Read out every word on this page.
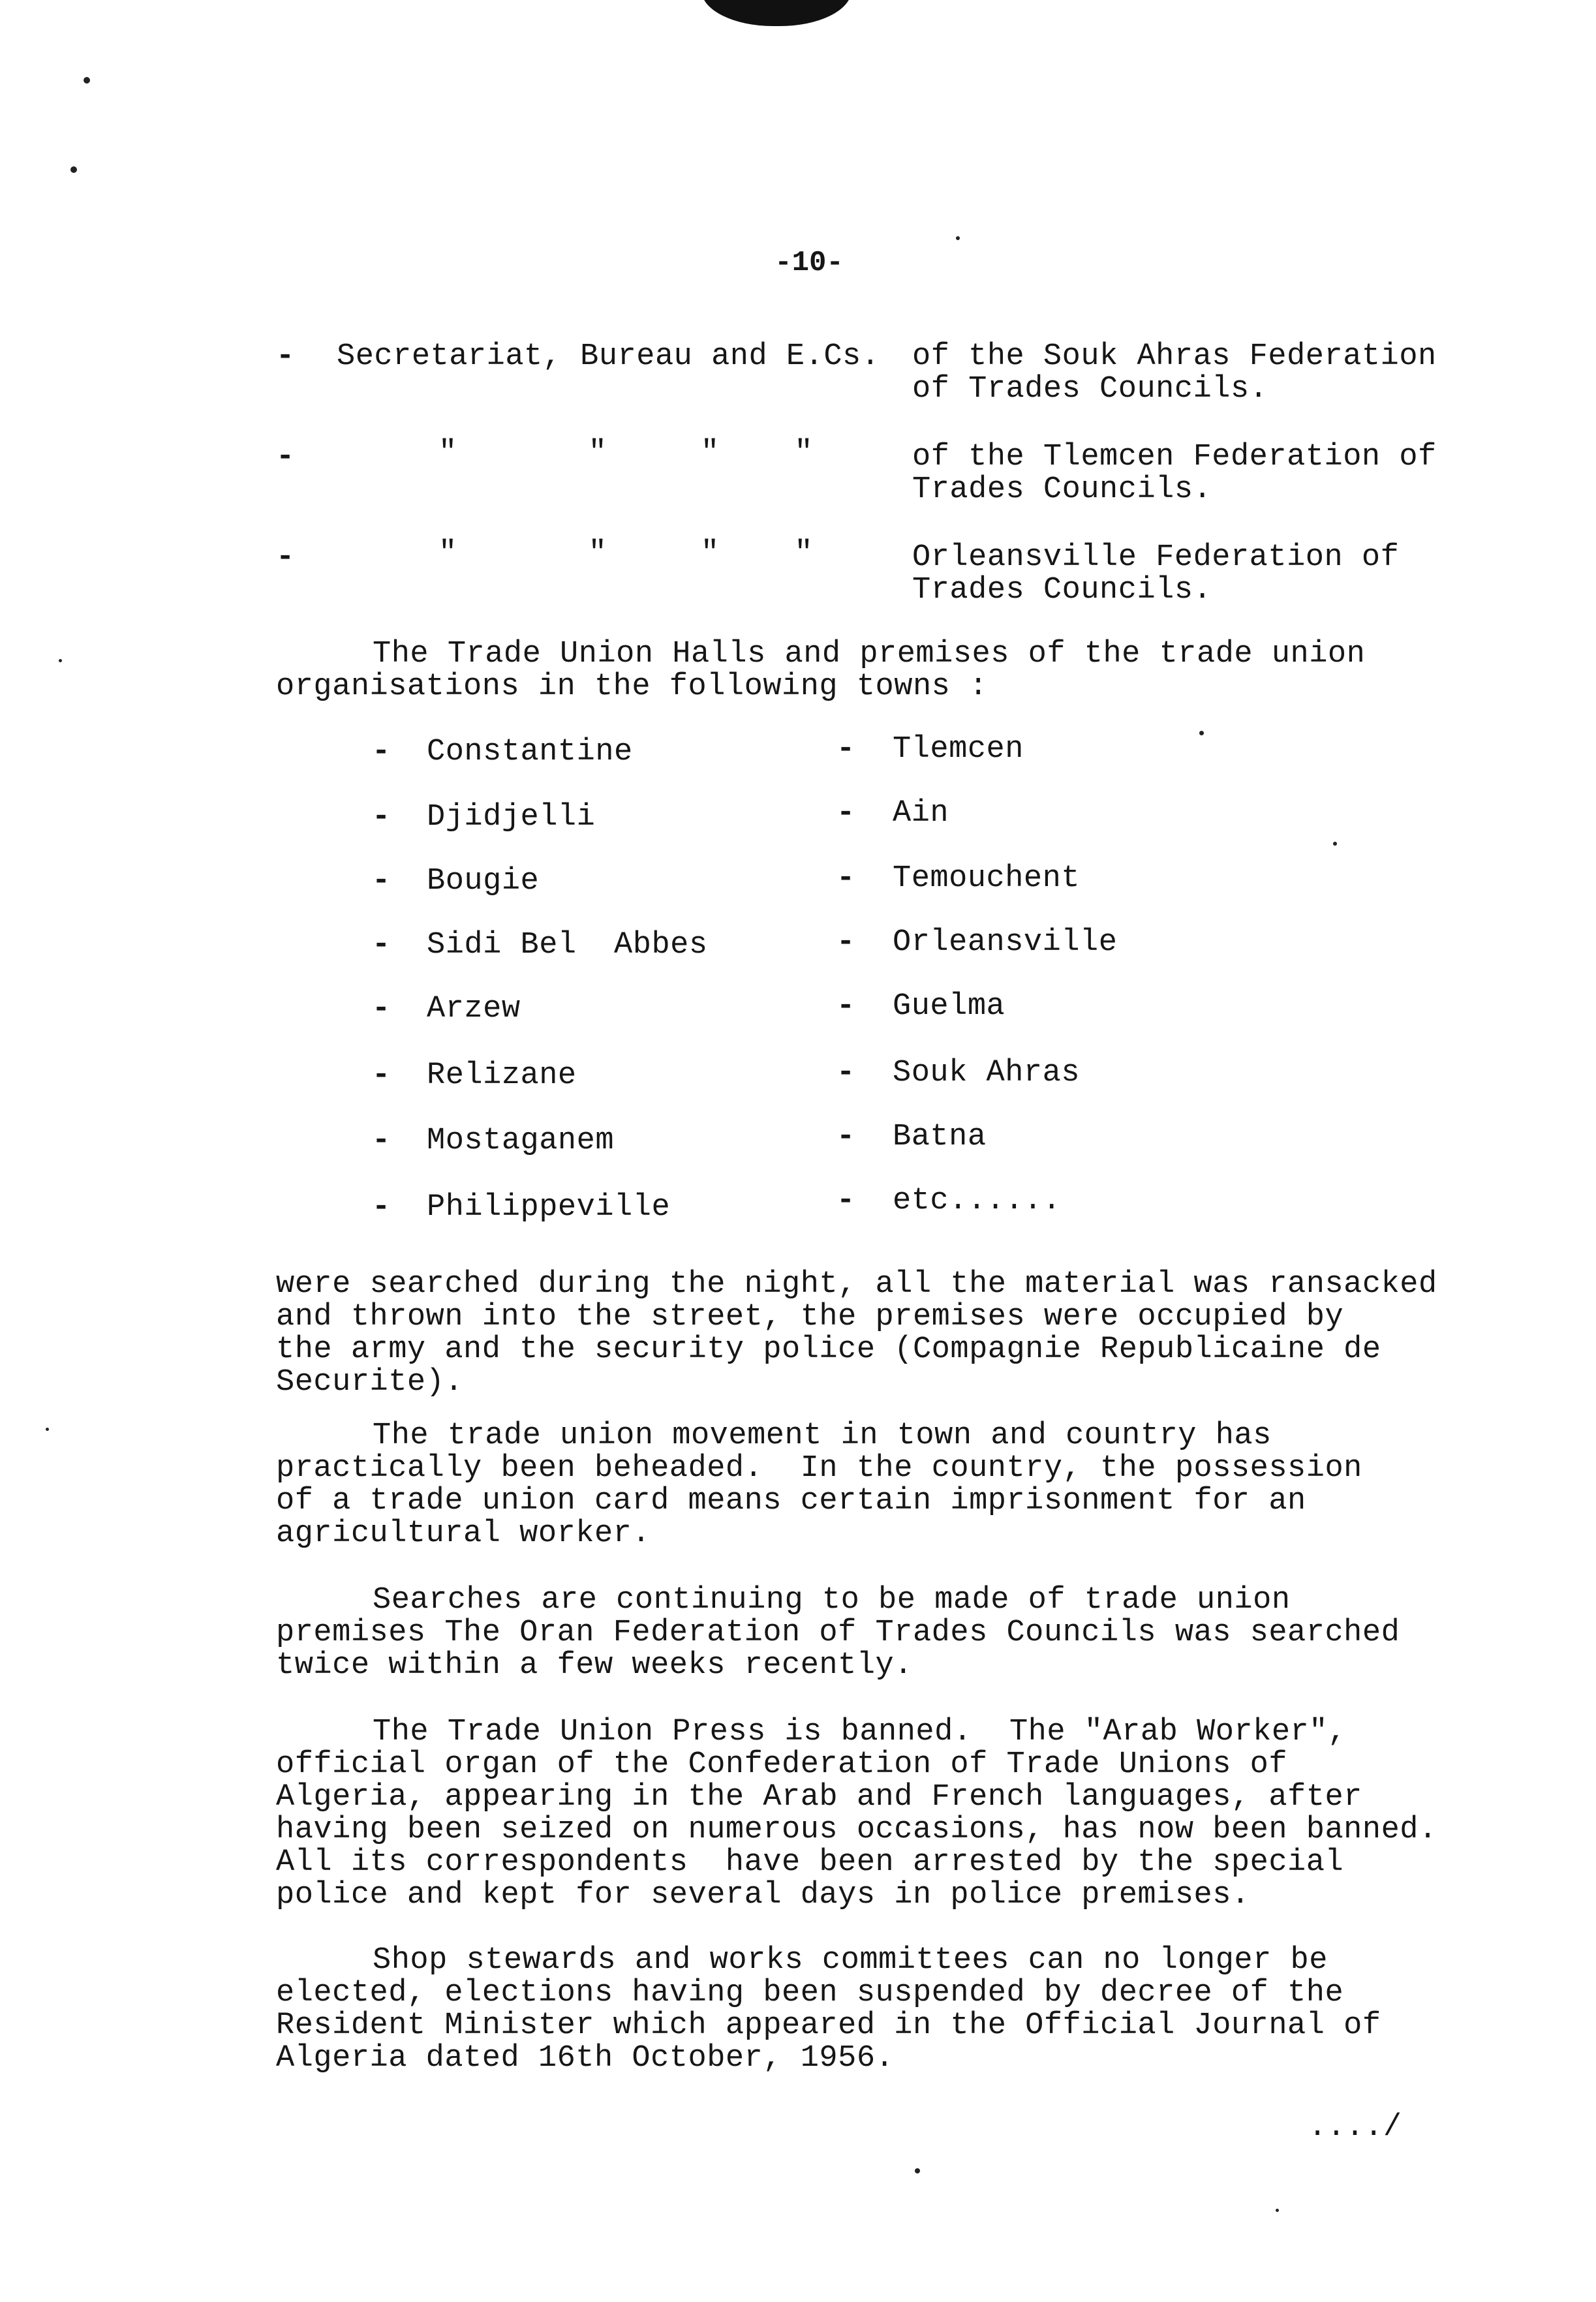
-10-
- Secretariat, Bureau and E.Cs. of the Souk Ahras Federation
of Trades Councils.
-	"       "     "    "	of the Tlemcen Federation of
Trades Councils.
-	"       "     "    "	Orleansville Federation of
Trades Councils.
The Trade Union Halls and premises of the trade union
organisations in the following towns :
- Constantine
- Djidjelli
- Bougie
- Sidi Bel  Abbes
- Arzew
- Relizane
- Mostaganem
- Philippeville
- Tlemcen
- Ain
- Temouchent
- Orleansville
- Guelma
- Souk Ahras
- Batna
- etc......
were searched during the night, all the material was ransacked
and thrown into the street, the premises were occupied by
the army and the security police (Compagnie Republicaine de
Securite).
The trade union movement in town and country has
practically been beheaded.  In the country, the possession
of a trade union card means certain imprisonment for an
agricultural worker.
Searches are continuing to be made of trade union
premises The Oran Federation of Trades Councils was searched
twice within a few weeks recently.
The Trade Union Press is banned.  The "Arab Worker",
official organ of the Confederation of Trade Unions of
Algeria, appearing in the Arab and French languages, after
having been seized on numerous occasions, has now been banned.
All its correspondents  have been arrested by the special
police and kept for several days in police premises.
Shop stewards and works committees can no longer be
elected, elections having been suspended by decree of the
Resident Minister which appeared in the Official Journal of
Algeria dated 16th October, 1956.
..../
